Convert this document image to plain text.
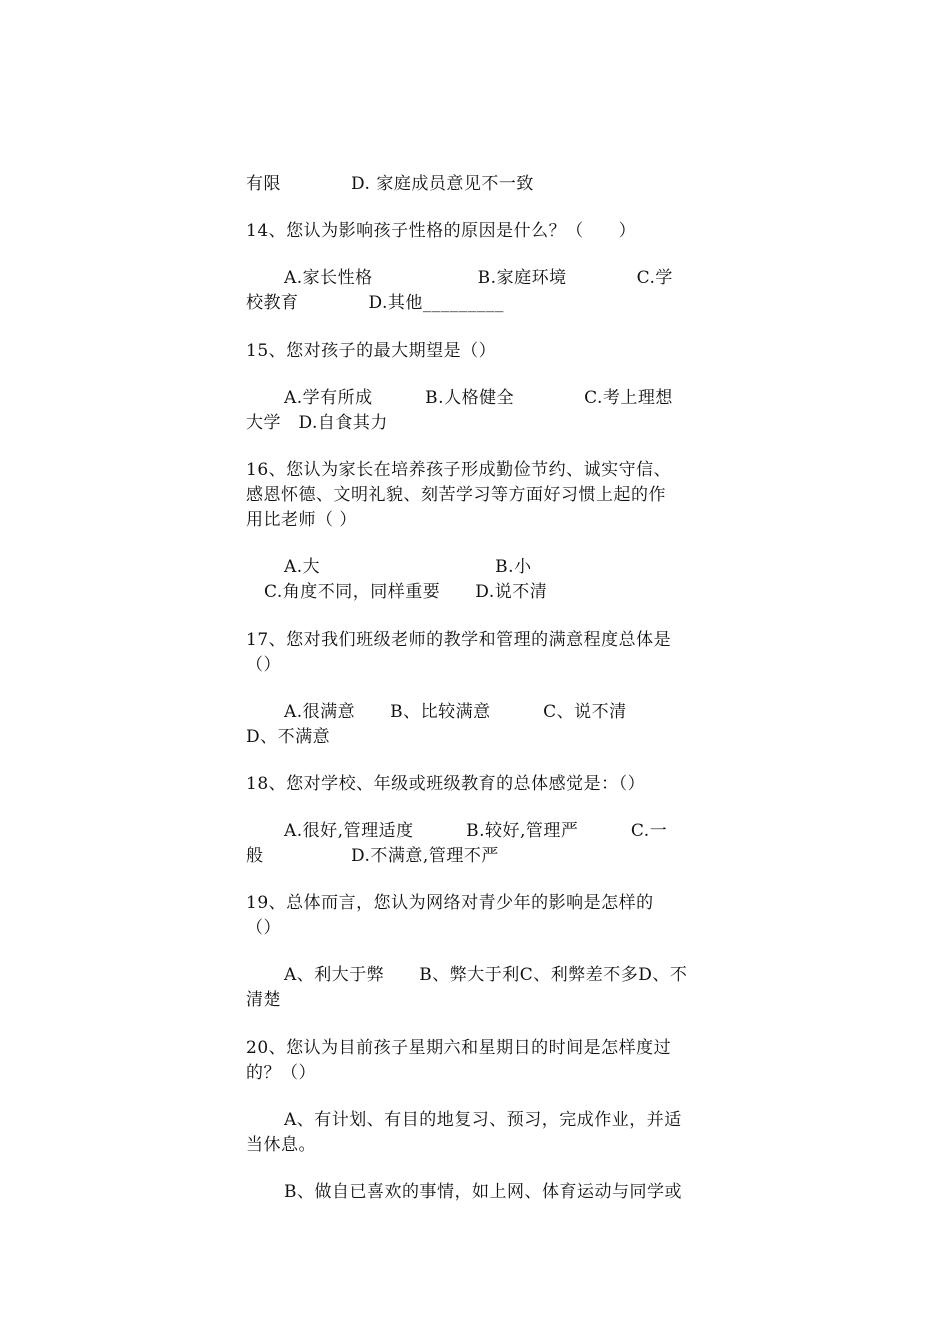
有限　　　　D. 家庭成员意见不一致
14、您认为影响孩子性格的原因是什么？（　　）
A.家长性格　　　　　　B.家庭环境　　　　C.学
校教育　　　　D.其他_________
15、您对孩子的最大期望是（）
A.学有所成　　　B.人格健全　　　　C.考上理想
大学　D.自食其力
16、您认为家长在培养孩子形成勤俭节约、诚实守信、
感恩怀德、文明礼貌、刻苦学习等方面好习惯上起的作
用比老师（ ）
A.大　　　　　　　　　　B.小
C.角度不同，同样重要　　D.说不清
17、您对我们班级老师的教学和管理的满意程度总体是
（）
A.很满意　　B、比较满意　　　C、说不清
D、不满意
18、您对学校、年级或班级教育的总体感觉是：（）
A.很好,管理适度　　　B.较好,管理严　　　C.一
般　　　　　D.不满意,管理不严
19、总体而言，您认为网络对青少年的影响是怎样的
（）
A、利大于弊　　B、弊大于利C、利弊差不多D、不
清楚
20、您认为目前孩子星期六和星期日的时间是怎样度过
的？（）
A、有计划、有目的地复习、预习，完成作业，并适
当休息。
B、做自已喜欢的事情，如上网、体育运动与同学或
